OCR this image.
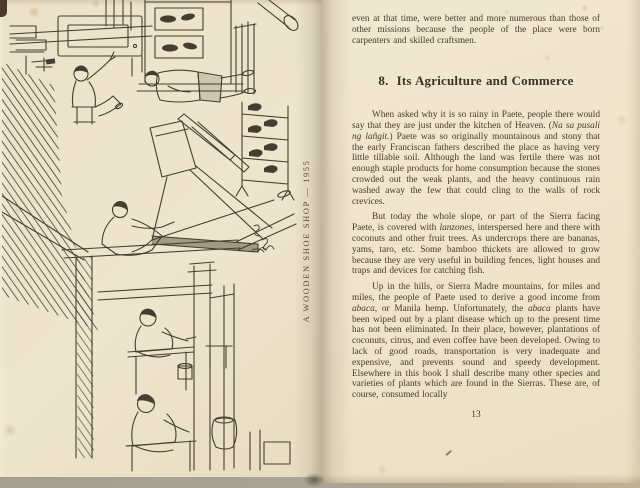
A WOODEN SHOE SHOP — 1955

even at that time, were better and more numerous than those of other missions because the people of the place were born carpenters and skilled craftsmen.

8. Its Agriculture and Commerce

When asked why it is so rainy in Paete, people there would say that they are just under the kitchen of Heaven. (Na sa pusali ng lañgit.) Paete was so originally mountainous and stony that the early Franciscan fathers described the place as having very little tillable soil. Although the land was fertile there was not enough staple products for home consumption because the stones crowded out the weak plants, and the heavy continuous rain washed away the few that could cling to the walls of rock crevices.

But today the whole slope, or part of the Sierra facing Paete, is covered with lanzones, interspersed here and there with coconuts and other fruit trees. As undercrops there are bananas, yams, taro, etc. Some bamboo thickets are allowed to grow because they are very useful in building fences, light houses and traps and devices for catching fish.

Up in the hills, or Sierra Madre mountains, for miles and miles, the people of Paete used to derive a good income from abaca, or Manila hemp. Unfortunately, the abaca plants have been wiped out by a plant disease which up to the present time has not been eliminated. In their place, however, plantations of coconuts, citrus, and even coffee have been developed. Owing to lack of good roads, transportation is very inadequate and expensive, and prevents sound and speedy development. Elsewhere in this book I shall describe many other species and varieties of plants which are found in the Sierras. These are, of course, consumed locally

13
